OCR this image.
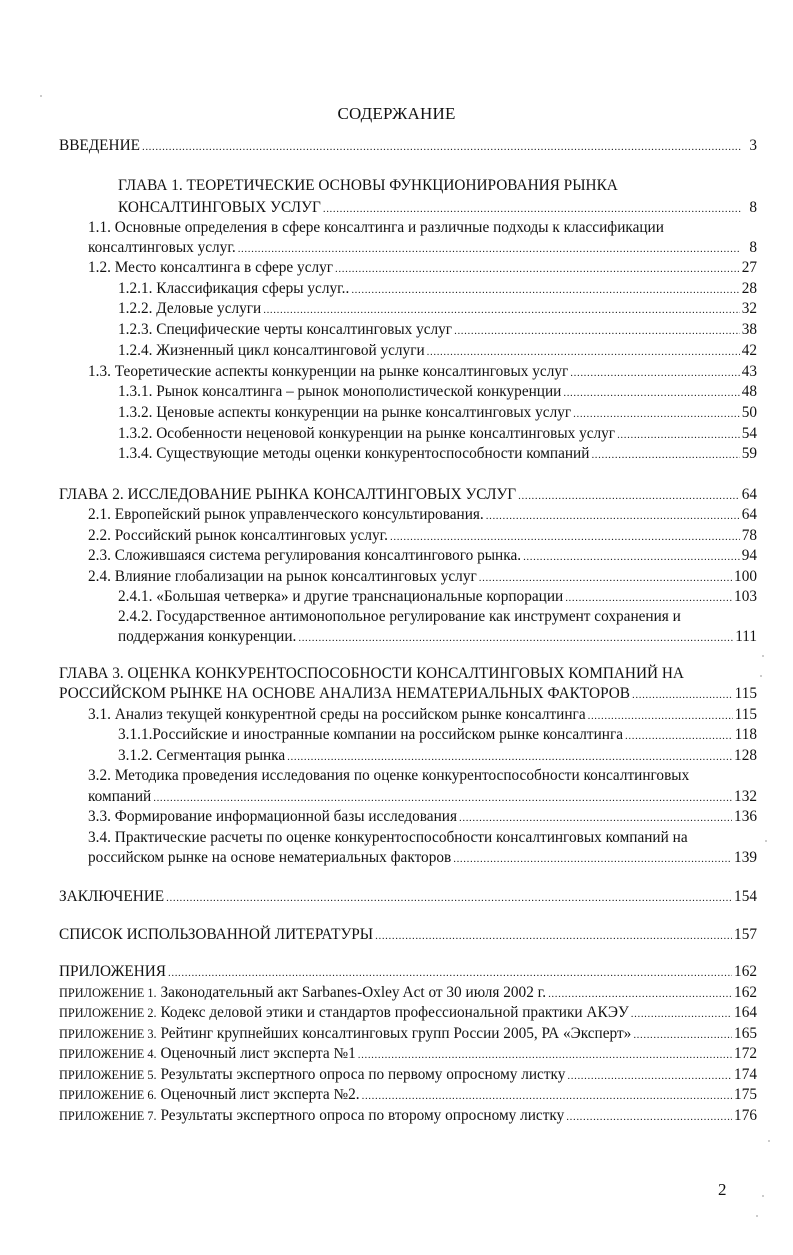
СОДЕРЖАНИЕ
ВВЕДЕНИЕ .....	3
ГЛАВА 1. ТЕОРЕТИЧЕСКИЕ ОСНОВЫ ФУНКЦИОНИРОВАНИЯ РЫНКА
КОНСАЛТИНГОВЫХ УСЛУГ .....	8
1.1. Основные определения в сфере консалтинга и различные подходы к классификации
консалтинговых услуг. .....	8
1.2. Место консалтинга в сфере услуг .....	27
1.2.1. Классификация сферы услуг.. .....	28
1.2.2. Деловые услуги .....	32
1.2.3. Специфические черты консалтинговых услуг .....	38
1.2.4. Жизненный цикл консалтинговой услуги .....	42
1.3. Теоретические аспекты конкуренции на рынке консалтинговых услуг .....	43
1.3.1. Рынок консалтинга – рынок монополистической конкуренции .....	48
1.3.2. Ценовые аспекты конкуренции на рынке консалтинговых услуг .....	50
1.3.2. Особенности неценовой конкуренции на рынке консалтинговых услуг .....	54
1.3.4. Существующие методы оценки конкурентоспособности компаний .....	59
ГЛАВА 2. ИССЛЕДОВАНИЕ РЫНКА КОНСАЛТИНГОВЫХ УСЛУГ .....	64
2.1. Европейский рынок управленческого консультирования. .....	64
2.2. Российский рынок консалтинговых услуг. .....	78
2.3. Сложившаяся система регулирования консалтингового рынка. .....	94
2.4. Влияние глобализации на рынок консалтинговых услуг .....	100
2.4.1. «Большая четверка» и другие транснациональные корпорации .....	103
2.4.2. Государственное антимонопольное регулирование как инструмент сохранения и
поддержания конкуренции. .....	111
ГЛАВА 3. ОЦЕНКА КОНКУРЕНТОСПОСОБНОСТИ КОНСАЛТИНГОВЫХ КОМПАНИЙ НА
РОССИЙСКОМ РЫНКЕ НА ОСНОВЕ АНАЛИЗА НЕМАТЕРИАЛЬНЫХ ФАКТОРОВ .....	115
3.1. Анализ текущей конкурентной среды на российском рынке консалтинга .....	115
3.1.1.Российские и иностранные компании на российском рынке консалтинга .....	118
3.1.2. Сегментация рынка .....	128
3.2. Методика проведения исследования по оценке конкурентоспособности консалтинговых
компаний .....	132
3.3. Формирование информационной базы исследования .....	136
3.4. Практические расчеты по оценке конкурентоспособности консалтинговых компаний на
российском рынке на основе нематериальных факторов .....	139
ЗАКЛЮЧЕНИЕ .....	154
СПИСОК ИСПОЛЬЗОВАННОЙ ЛИТЕРАТУРЫ .....	157
ПРИЛОЖЕНИЯ .....	162
ПРИЛОЖЕНИЕ 1. Законодательный акт Sarbanes-Oxley Act от 30 июля 2002 г. .....	162
ПРИЛОЖЕНИЕ 2. Кодекс деловой этики и стандартов профессиональной практики АКЭУ .....	164
ПРИЛОЖЕНИЕ 3. Рейтинг крупнейших консалтинговых групп России 2005, РА «Эксперт» .....	165
ПРИЛОЖЕНИЕ 4. Оценочный лист эксперта №1 .....	172
ПРИЛОЖЕНИЕ 5. Результаты экспертного опроса по первому опросному листку .....	174
ПРИЛОЖЕНИЕ 6. Оценочный лист эксперта №2. .....	175
ПРИЛОЖЕНИЕ 7. Результаты экспертного опроса по второму опросному листку .....	176
2
